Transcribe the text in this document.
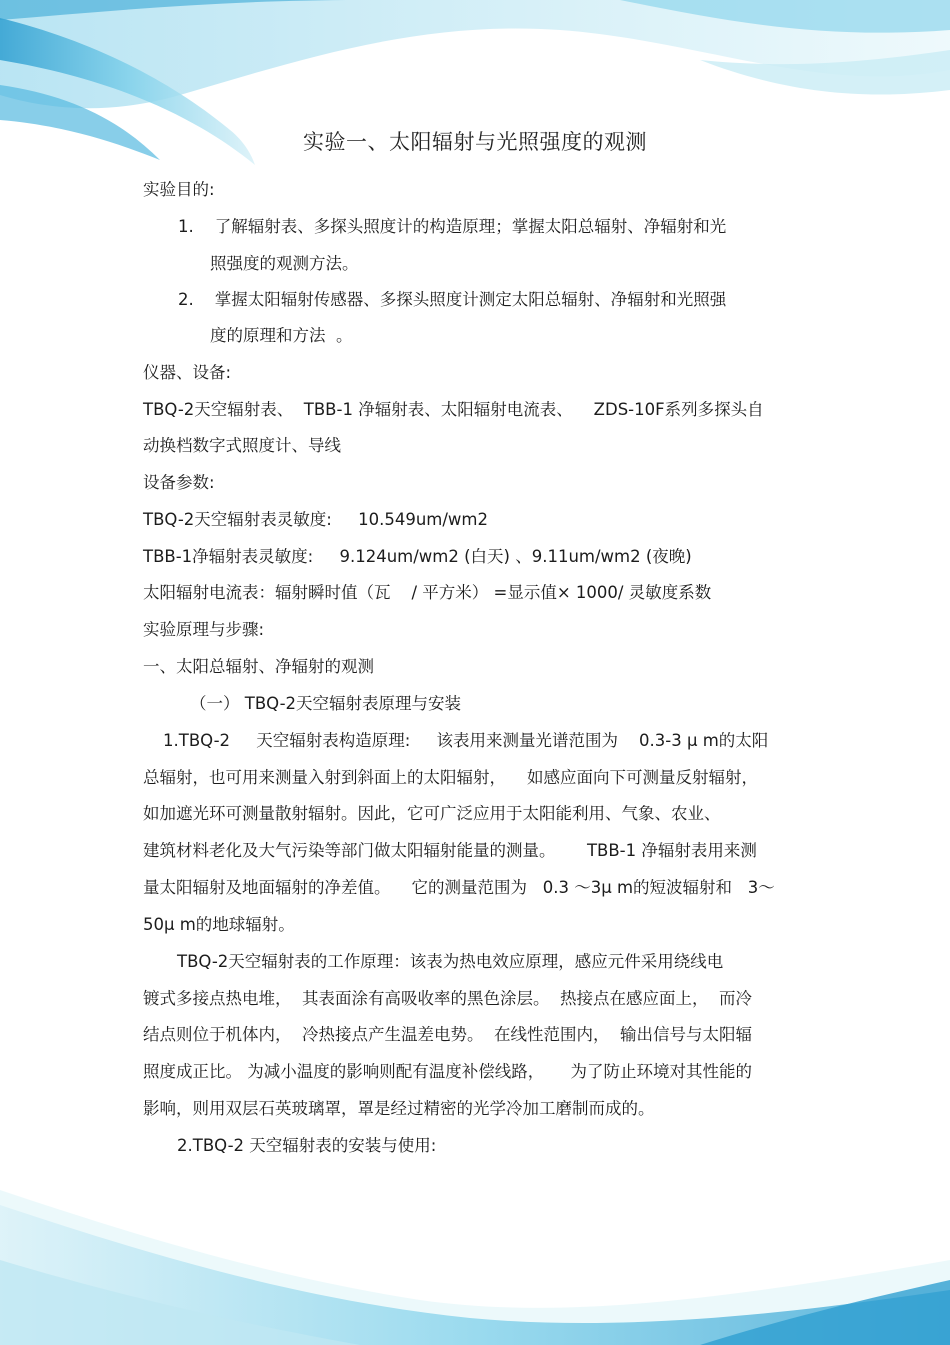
实验一、太阳辐射与光照强度的观测
实验目的:
1.    了解辐射表、多探头照度计的构造原理；掌握太阳总辐射、净辐射和光
照强度的观测方法。
2.    掌握太阳辐射传感器、多探头照度计测定太阳总辐射、净辐射和光照强
度的原理和方法  。
仪器、设备:
TBQ-2天空辐射表、  TBB-1 净辐射表、太阳辐射电流表、    ZDS-10F系列多探头自
动换档数字式照度计、导线
设备参数:
TBQ-2天空辐射表灵敏度:     10.549um/wm2
TBB-1净辐射表灵敏度:     9.124um/wm2 (白天) 、9.11um/wm2 (夜晚)
太阳辐射电流表：辐射瞬时值（瓦    / 平方米） =显示值× 1000/ 灵敏度系数
实验原理与步骤:
一、太阳总辐射、净辐射的观测
（一） TBQ-2天空辐射表原理与安装
1.TBQ-2     天空辐射表构造原理:     该表用来测量光谱范围为    0.3-3 μ m的太阳
总辐射，也可用来测量入射到斜面上的太阳辐射，    如感应面向下可测量反射辐射，
如加遮光环可测量散射辐射。因此，它可广泛应用于太阳能利用、气象、农业、
建筑材料老化及大气污染等部门做太阳辐射能量的测量。      TBB-1 净辐射表用来测
量太阳辐射及地面辐射的净差值。    它的测量范围为   0.3 ～3μ m的短波辐射和   3～
50μ m的地球辐射。
TBQ-2天空辐射表的工作原理：该表为热电效应原理，感应元件采用绕线电
镀式多接点热电堆，  其表面涂有高吸收率的黑色涂层。  热接点在感应面上，  而冷
结点则位于机体内，  冷热接点产生温差电势。  在线性范围内，  输出信号与太阳辐
照度成正比。 为减小温度的影响则配有温度补偿线路，     为了防止环境对其性能的
影响，则用双层石英玻璃罩，罩是经过精密的光学冷加工磨制而成的。
2.TBQ-2 天空辐射表的安装与使用:
